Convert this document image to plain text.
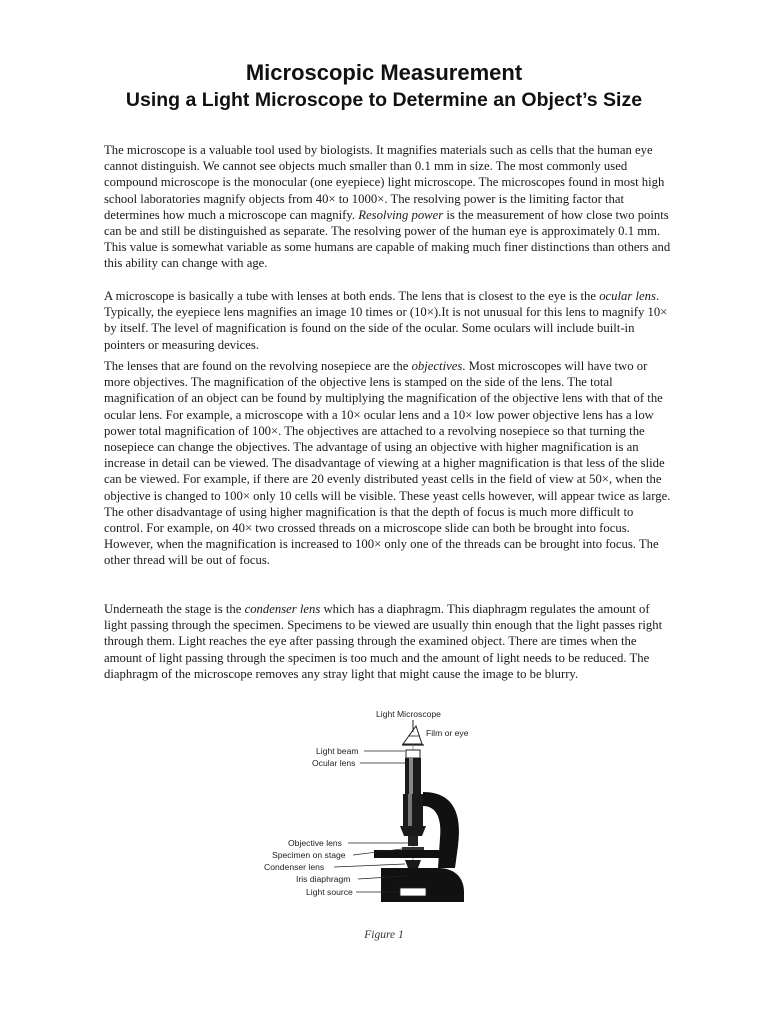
Microscopic Measurement
Using a Light Microscope to Determine an Object’s Size

The microscope is a valuable tool used by biologists. It magnifies materials such as cells that the human eye cannot distinguish. We cannot see objects much smaller than 0.1 mm in size. The most commonly used compound microscope is the monocular (one eyepiece) light microscope. The microscopes found in most high school laboratories magnify objects from 40× to 1000×. The resolving power is the limiting factor that determines how much a microscope can magnify. Resolving power is the measurement of how close two points can be and still be distinguished as separate. The resolving power of the human eye is approximately 0.1 mm. This value is somewhat variable as some humans are capable of making much finer distinctions than others and this ability can change with age.

A microscope is basically a tube with lenses at both ends. The lens that is closest to the eye is the ocular lens. Typically, the eyepiece lens magnifies an image 10 times or (10×).It is not unusual for this lens to magnify 10× by itself. The level of magnification is found on the side of the ocular. Some oculars will include built-in pointers or measuring devices.

The lenses that are found on the revolving nosepiece are the objectives. Most microscopes will have two or more objectives. The magnification of the objective lens is stamped on the side of the lens. The total magnification of an object can be found by multiplying the magnification of the objective lens with that of the ocular lens. For example, a microscope with a 10× ocular lens and a 10× low power objective lens has a low power total magnification of 100×. The objectives are attached to a revolving nosepiece so that turning the nosepiece can change the objectives. The advantage of using an objective with higher magnification is an increase in detail can be viewed. The disadvantage of viewing at a higher magnification is that less of the slide can be viewed. For example, if there are 20 evenly distributed yeast cells in the field of view at 50×, when the objective is changed to 100× only 10 cells will be visible. These yeast cells however, will appear twice as large. The other disadvantage of using higher magnification is that the depth of focus is much more difficult to control. For example, on 40× two crossed threads on a microscope slide can both be brought into focus. However, when the magnification is increased to 100× only one of the threads can be brought into focus. The other thread will be out of focus.

Underneath the stage is the condenser lens which has a diaphragm. This diaphragm regulates the amount of light passing through the specimen. Specimens to be viewed are usually thin enough that the light passes right through them. Light reaches the eye after passing through the examined object. There are times when the amount of light passing through the specimen is too much and the amount of light needs to be reduced. The diaphragm of the microscope removes any stray light that might cause the image to be blurry.

Light Microscope
Film or eye
Light beam
Ocular lens
Objective lens
Specimen on stage
Condenser lens
Iris diaphragm
Light source
Figure 1
